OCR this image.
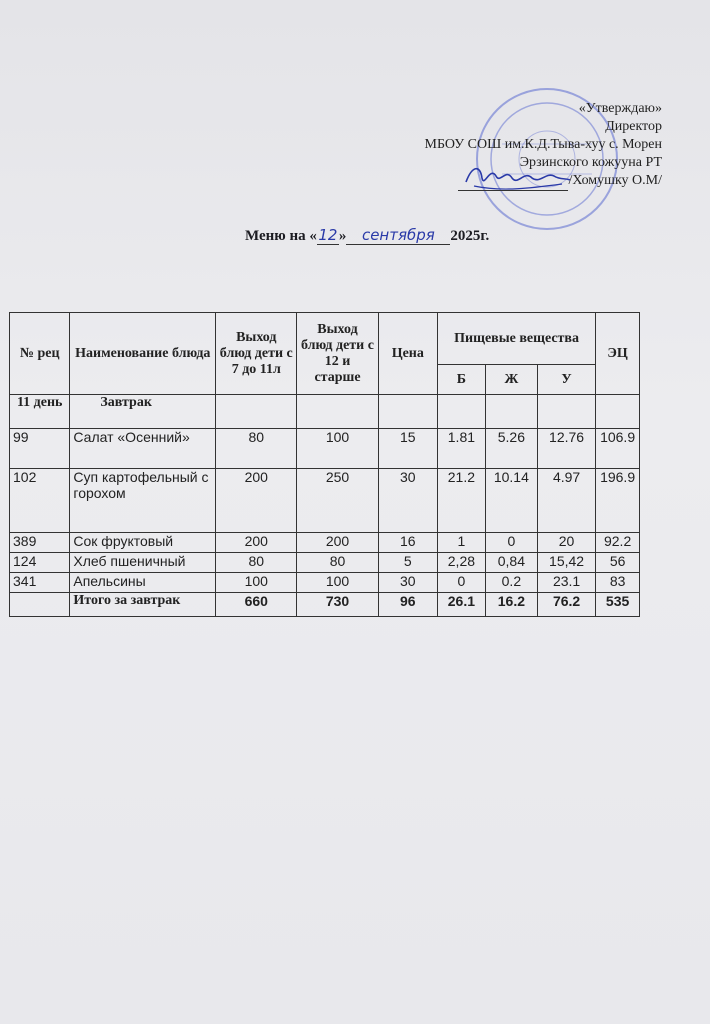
«Утверждаю»
Директор
МБОУ СОШ им.К.Д.Тыва-хуу с. Морен
Эрзинского кожууна РТ
/Хомушку О.М/
Меню на «12» сентября 2025г.
№ рец	Наименование блюда	Выход блюд дети с 7 до 11л	Выход блюд дети с 12 и старше	Цена	Пищевые вещества			ЭЦ
					Б	Ж	У	
11 день	Завтрак							
99	Салат «Осенний»	80	100	15	1.81	5.26	12.76	106.9
102	Суп картофельный с горохом	200	250	30	21.2	10.14	4.97	196.9
389	Сок фруктовый	200	200	16	1	0	20	92.2
124	Хлеб пшеничный	80	80	5	2,28	0,84	15,42	56
341	Апельсины	100	100	30	0	0.2	23.1	83
	Итого за завтрак	660	730	96	26.1	16.2	76.2	535
